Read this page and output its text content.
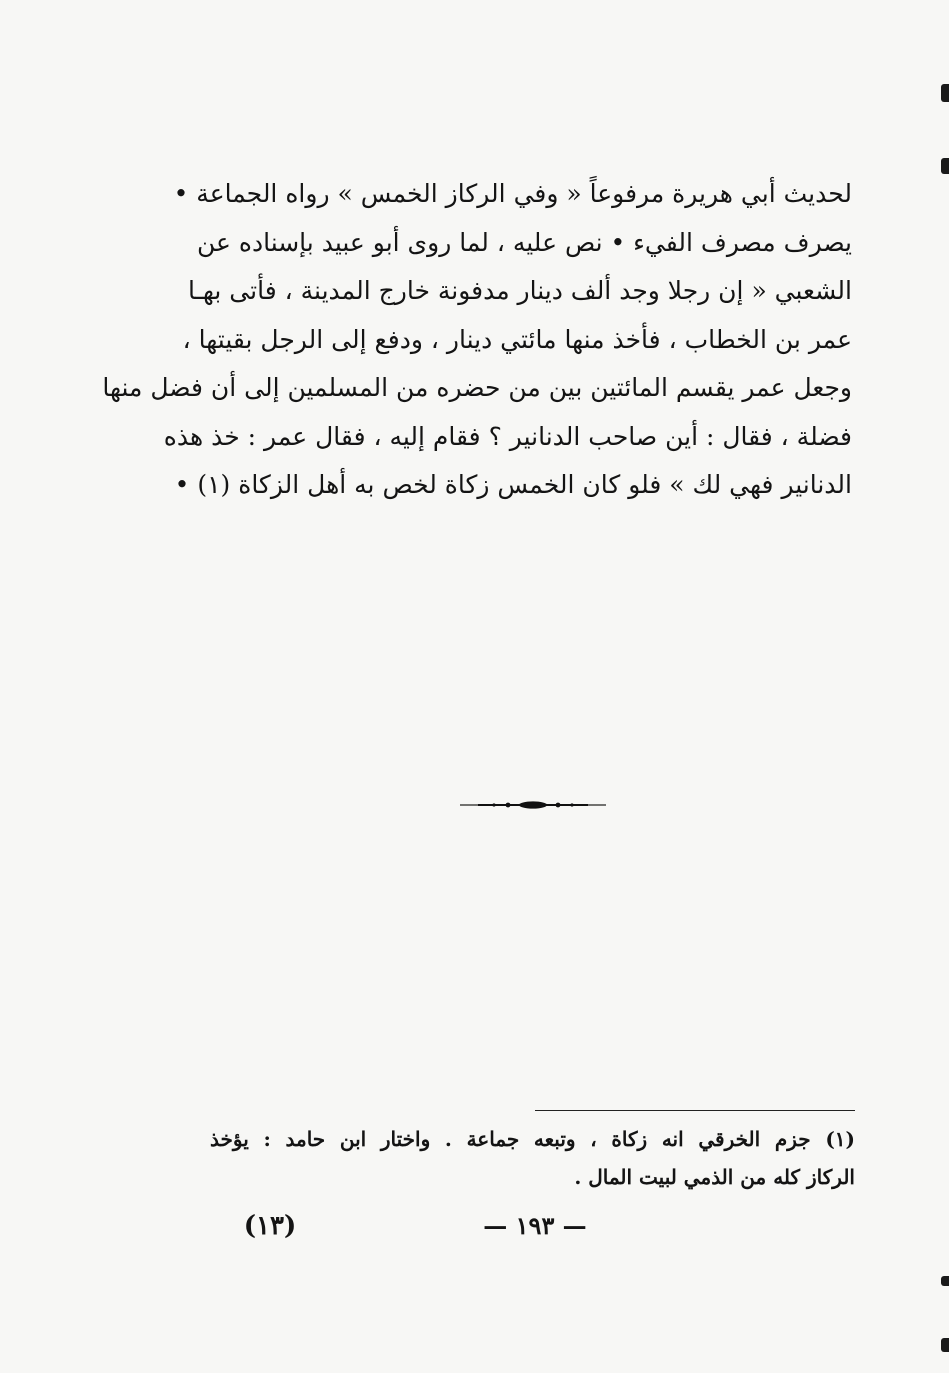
لحديث أبي هريرة مرفوعاً « وفي الركاز الخمس » رواه الجماعة •
يصرف مصرف الفيء • نص عليه ، لما روى أبو عبيد بإسناده عن
الشعبي « إن رجلا وجد ألف دينار مدفونة خارج المدينة ، فأتى بهـا
عمر بن الخطاب ، فأخذ منها مائتي دينار ، ودفع إلى الرجل بقيتها ،
وجعل عمر يقسم المائتين بين من حضره من المسلمين إلى أن فضل منها
فضلة ، فقال : أين صاحب الدنانير ؟ فقام إليه ، فقال عمر : خذ هذه
الدنانير فهي لك » فلو كان الخمس زكاة لخص به أهل الزكاة (١) •
(١) جزم الخرقي انه زكاة ، وتبعه جماعة . واختار ابن حامد : يؤخذ
الركاز كله من الذمي لبيت المال .
(١٣)	— ١٩٣ —
